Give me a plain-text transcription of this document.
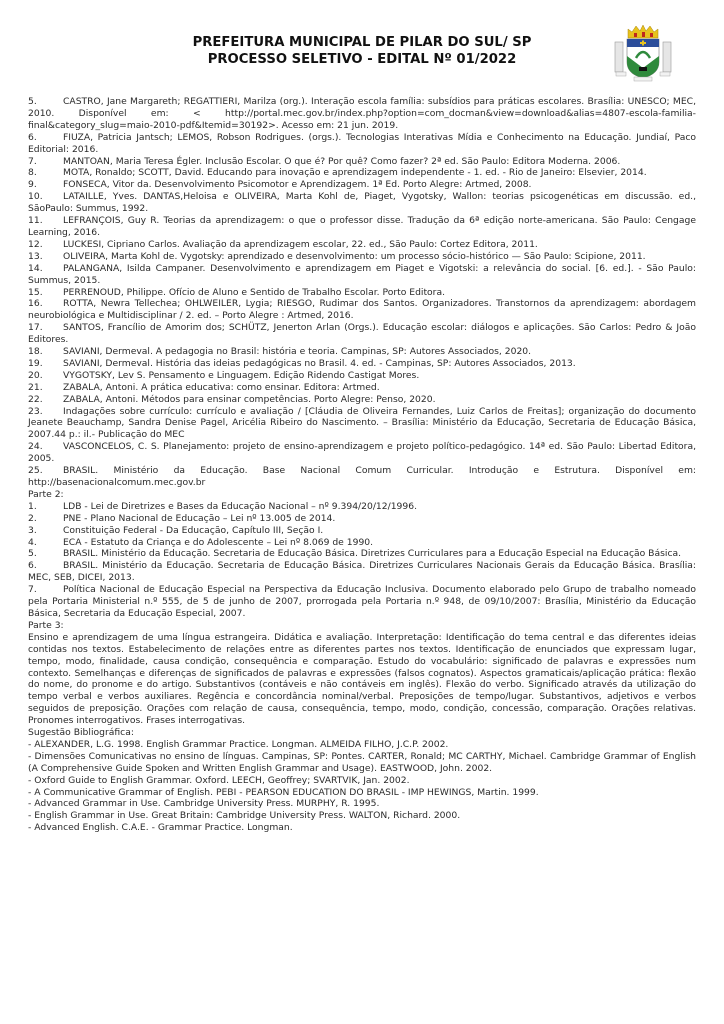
PREFEITURA MUNICIPAL DE PILAR DO SUL/ SP
PROCESSO SELETIVO - EDITAL Nº 01/2022
5.	CASTRO, Jane Margareth; REGATTIERI, Marilza (org.). Interação escola família: subsídios para práticas escolares. Brasília: UNESCO; MEC, 2010. Disponível em: < http://portal.mec.gov.br/index.php?option=com_docman&view=download&alias=4807-escola-familia-final&category_slug=maio-2010-pdf&Itemid=30192>. Acesso em: 21 jun. 2019.
6.	FIUZA, Patricia Jantsch; LEMOS, Robson Rodrigues. (orgs.). Tecnologias Interativas Mídia e Conhecimento na Educação. Jundiaí, Paco Editorial: 2016.
7.	MANTOAN, Maria Teresa Égler. Inclusão Escolar. O que é? Por quê? Como fazer? 2ª ed. São Paulo: Editora Moderna. 2006.
8.	MOTA, Ronaldo; SCOTT, David. Educando para inovação e aprendizagem independente - 1. ed. - Rio de Janeiro: Elsevier, 2014.
9.	FONSECA, Vitor da. Desenvolvimento Psicomotor e Aprendizagem. 1ª Ed. Porto Alegre: Artmed, 2008.
10. LATAILLE, Yves. DANTAS,Heloisa e OLIVEIRA, Marta Kohl de, Piaget, Vygotsky, Wallon: teorias psicogenéticas em discussão. ed., SãoPaulo: Summus, 1992.
11. LEFRANÇOIS, Guy R. Teorias da aprendizagem: o que o professor disse. Tradução da 6ª edição norte-americana. São Paulo: Cengage Learning, 2016.
12. LUCKESI, Cipriano Carlos. Avaliação da aprendizagem escolar, 22. ed., São Paulo: Cortez Editora, 2011.
13. OLIVEIRA, Marta Kohl de. Vygotsky: aprendizado e desenvolvimento: um processo sócio-histórico — São Paulo: Scipione, 2011.
14. PALANGANA, Isilda Campaner. Desenvolvimento e aprendizagem em Piaget e Vigotski: a relevância do social. [6. ed.]. - São Paulo: Summus, 2015.
15. PERRENOUD, Philippe. Ofício de Aluno e Sentido de Trabalho Escolar. Porto Editora.
16. ROTTA, Newra Tellechea; OHLWEILER, Lygia; RIESGO, Rudimar dos Santos. Organizadores. Transtornos da aprendizagem: abordagem neurobiológica e Multidisciplinar / 2. ed. – Porto Alegre : Artmed, 2016.
17. SANTOS, Francílio de Amorim dos; SCHÜTZ, Jenerton Arlan (Orgs.). Educação escolar: diálogos e aplicações. São Carlos: Pedro & João Editores.
18. SAVIANI, Dermeval. A pedagogia no Brasil: história e teoria. Campinas, SP: Autores Associados, 2020.
19. SAVIANI, Dermeval. História das ideias pedagógicas no Brasil. 4. ed. - Campinas, SP: Autores Associados, 2013.
20. VYGOTSKY, Lev S. Pensamento e Linguagem. Edição Ridendo Castigat Mores.
21. ZABALA, Antoni. A prática educativa: como ensinar. Editora: Artmed.
22. ZABALA, Antoni. Métodos para ensinar competências. Porto Alegre: Penso, 2020.
23. Indagações sobre currículo: currículo e avaliação / [Cláudia de Oliveira Fernandes, Luiz Carlos de Freitas]; organização do documento Jeanete Beauchamp, Sandra Denise Pagel, Aricélia Ribeiro do Nascimento. – Brasília: Ministério da Educação, Secretaria de Educação Básica, 2007.44 p.: il.- Publicação do MEC
24. VASCONCELOS, C. S. Planejamento: projeto de ensino-aprendizagem e projeto político-pedagógico. 14ª ed. São Paulo: Libertad Editora, 2005.
25. BRASIL. Ministério da Educação. Base Nacional Comum Curricular. Introdução e Estrutura. Disponível em: http://basenacionalcomum.mec.gov.br
Parte 2:
1.	LDB - Lei de Diretrizes e Bases da Educação Nacional – nº 9.394/20/12/1996.
2.	PNE - Plano Nacional de Educação – Lei nº 13.005 de 2014.
3.	Constituição Federal - Da Educação, Capítulo III, Seção I.
4.	ECA - Estatuto da Criança e do Adolescente – Lei nº 8.069 de 1990.
5.	BRASIL. Ministério da Educação. Secretaria de Educação Básica. Diretrizes Curriculares para a Educação Especial na Educação Básica.
6.	BRASIL. Ministério da Educação. Secretaria de Educação Básica. Diretrizes Curriculares Nacionais Gerais da Educação Básica. Brasília: MEC, SEB, DICEI, 2013.
7.	Política Nacional de Educação Especial na Perspectiva da Educação Inclusiva. Documento elaborado pelo Grupo de trabalho nomeado pela Portaria Ministerial n.º 555, de 5 de junho de 2007, prorrogada pela Portaria n.º 948, de 09/10/2007: Brasília, Ministério da Educação Básica, Secretaria da Educação Especial, 2007.
Parte 3:
Ensino e aprendizagem de uma língua estrangeira. Didática e avaliação. Interpretação: Identificação do tema central e das diferentes ideias contidas nos textos. Estabelecimento de relações entre as diferentes partes nos textos. Identificação de enunciados que expressam lugar, tempo, modo, finalidade, causa condição, consequência e comparação. Estudo do vocabulário: significado de palavras e expressões num contexto. Semelhanças e diferenças de significados de palavras e expressões (falsos cognatos). Aspectos gramaticais/aplicação prática: flexão do nome, do pronome e do artigo. Substantivos (contáveis e não contáveis em inglês). Flexão do verbo. Significado através da utilização do tempo verbal e verbos auxiliares. Regência e concordância nominal/verbal. Preposições de tempo/lugar. Substantivos, adjetivos e verbos seguidos de preposição. Orações com relação de causa, consequência, tempo, modo, condição, concessão, comparação. Orações relativas. Pronomes interrogativos. Frases interrogativas.
Sugestão Bibliográfica:
- ALEXANDER, L.G. 1998. English Grammar Practice. Longman. ALMEIDA FILHO, J.C.P. 2002.
- Dimensões Comunicativas no ensino de línguas. Campinas, SP: Pontes. CARTER, Ronald; MC CARTHY, Michael. Cambridge Grammar of English (A Comprehensive Guide Spoken and Written English Grammar and Usage). EASTWOOD, John. 2002.
- Oxford Guide to English Grammar. Oxford. LEECH, Geoffrey; SVARTVIK, Jan. 2002.
- A Communicative Grammar of English. PEBI - PEARSON EDUCATION DO BRASIL - IMP HEWINGS, Martin. 1999.
- Advanced Grammar in Use. Cambridge University Press. MURPHY, R. 1995.
- English Grammar in Use. Great Britain: Cambridge University Press. WALTON, Richard. 2000.
- Advanced English. C.A.E. - Grammar Practice. Longman.
